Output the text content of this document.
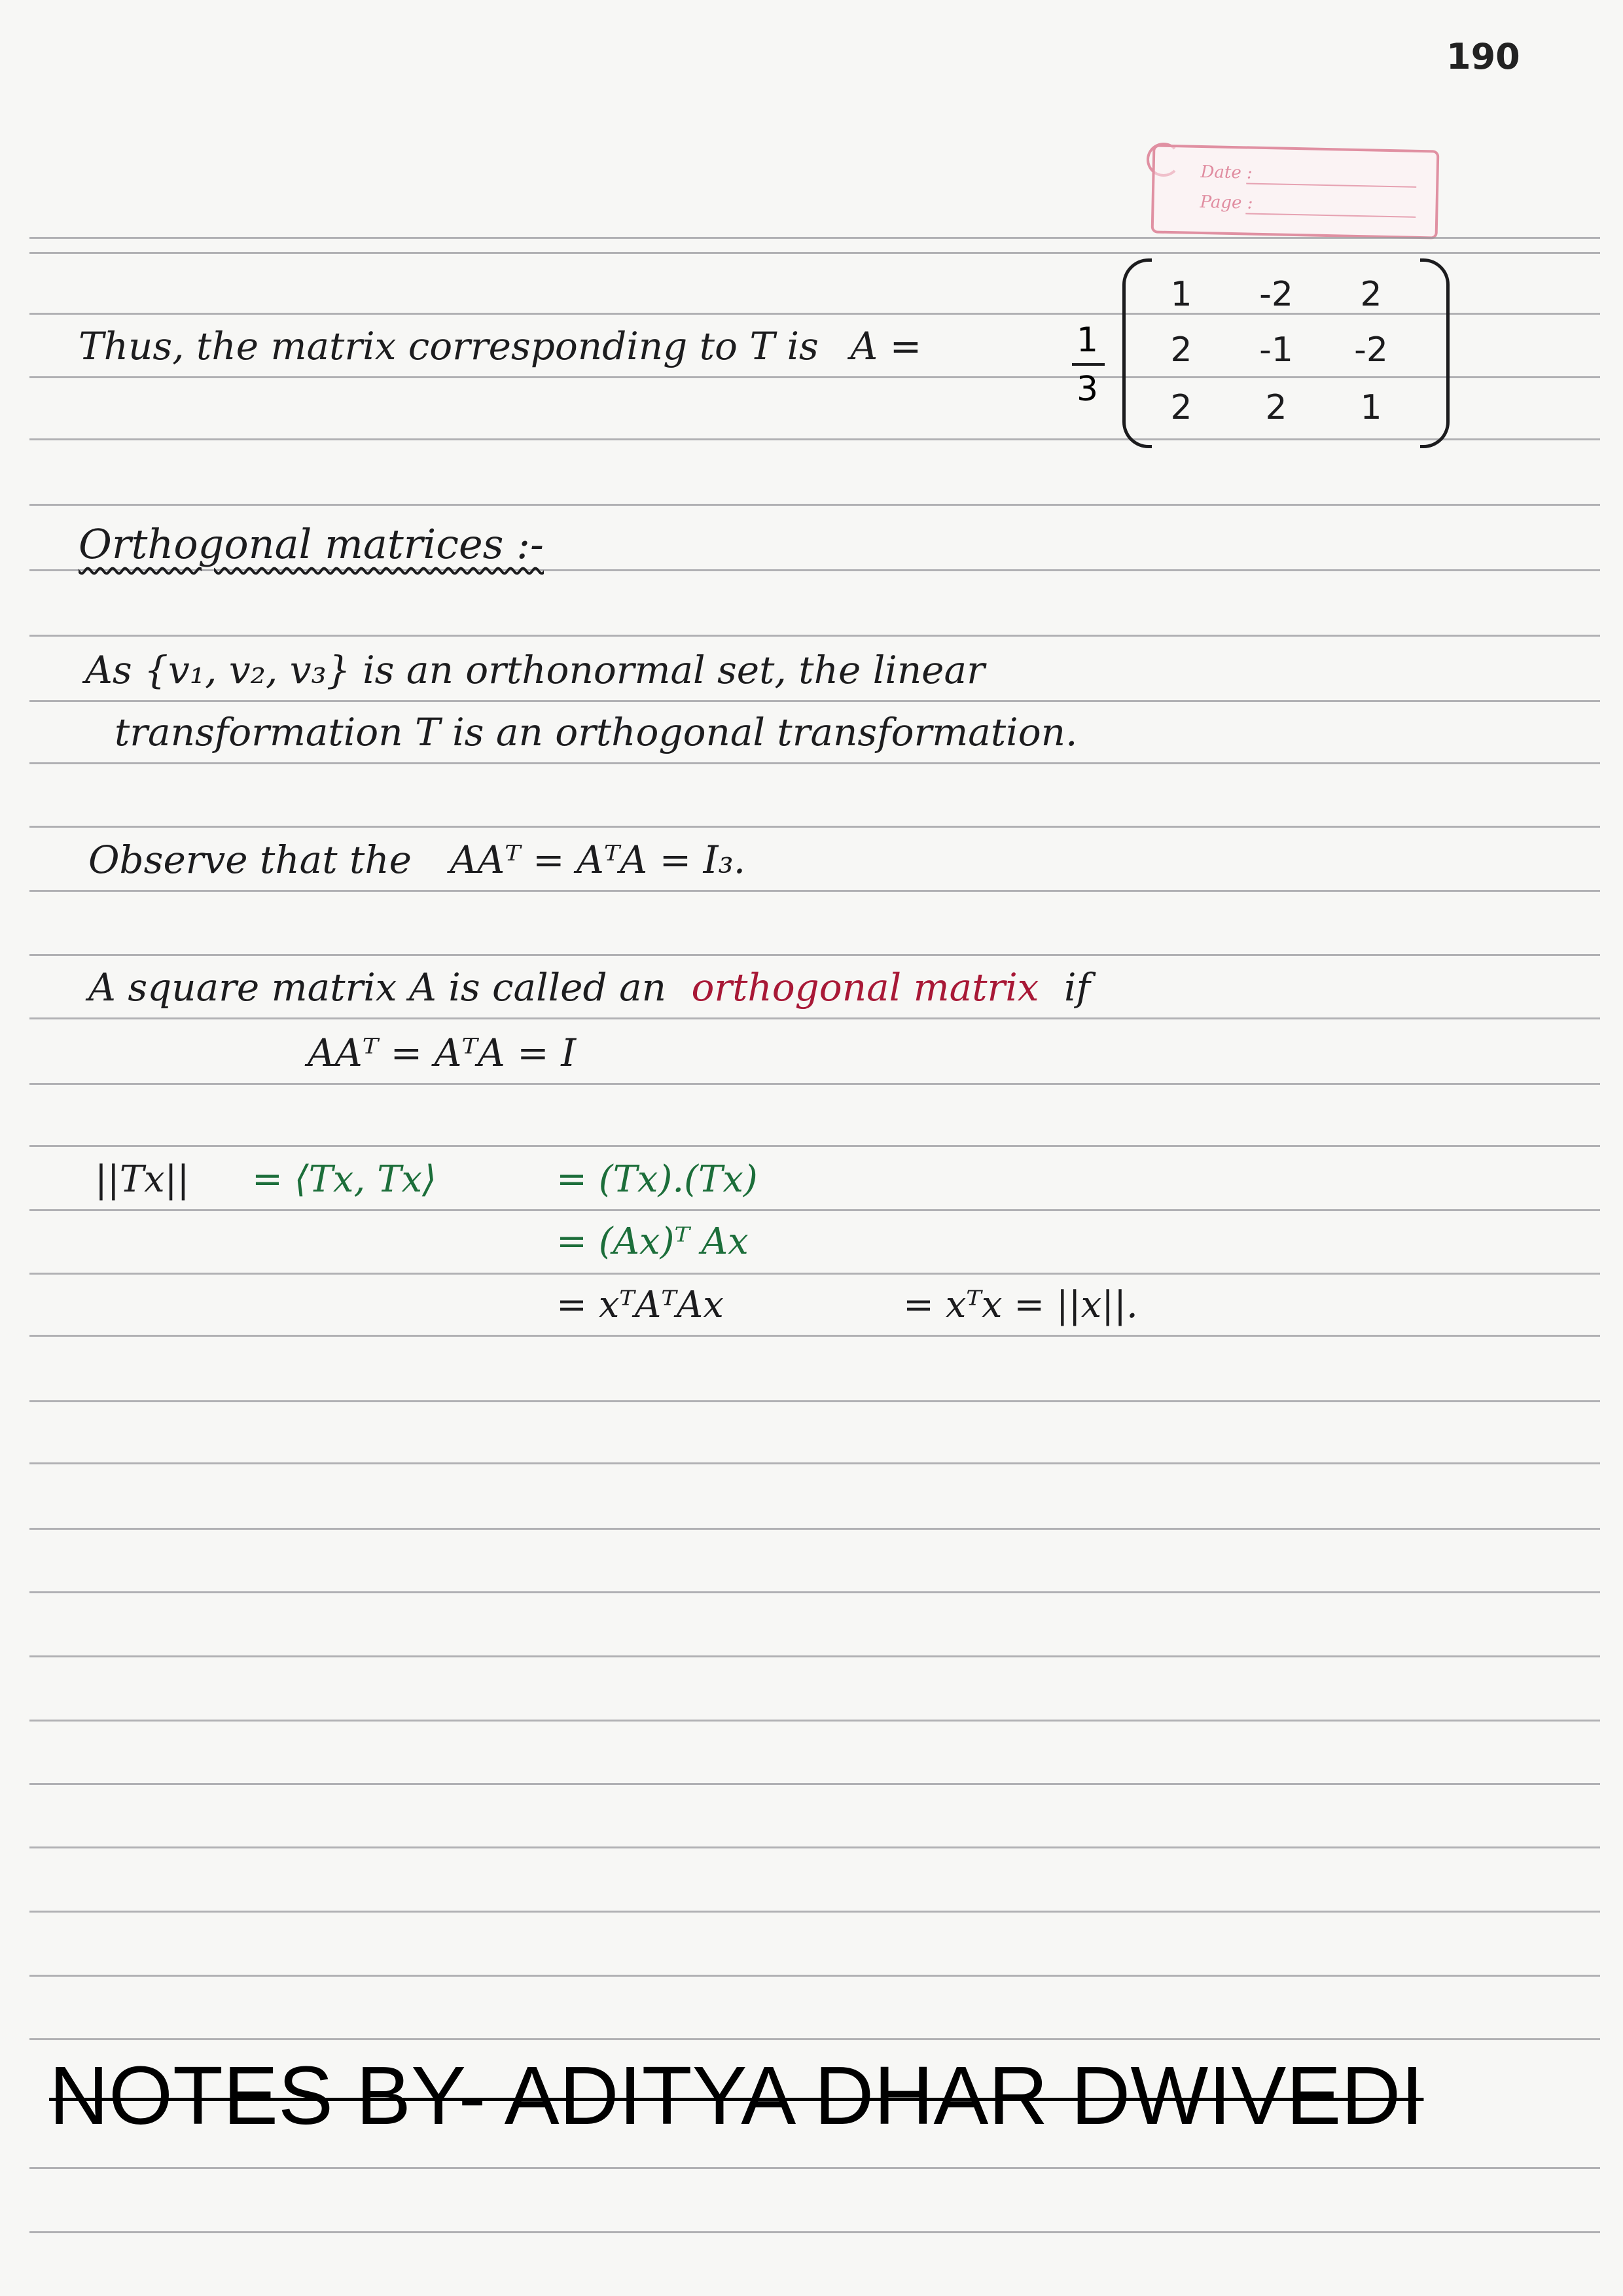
190
Date :
Page :
Thus, the matrix corresponding to T is A =	1
3
1	-2	2
2	-1	-2
2	2	1
Orthogonal matrices :-
As {v₁, v₂, v₃} is an orthonormal set, the linear
transformation T is an orthogonal transformation.
Observe that the AAᵀ = AᵀA = I₃.
A square matrix A is called an orthogonal matrix if
AAᵀ = AᵀA = I
||Tx|| = ⟨Tx, Tx⟩	= (Tx).(Tx)
= (Ax)ᵀ Ax
= xᵀAᵀAx	= xᵀx = ||x||.
NOTES BY- ADITYA DHAR DWIVEDI
